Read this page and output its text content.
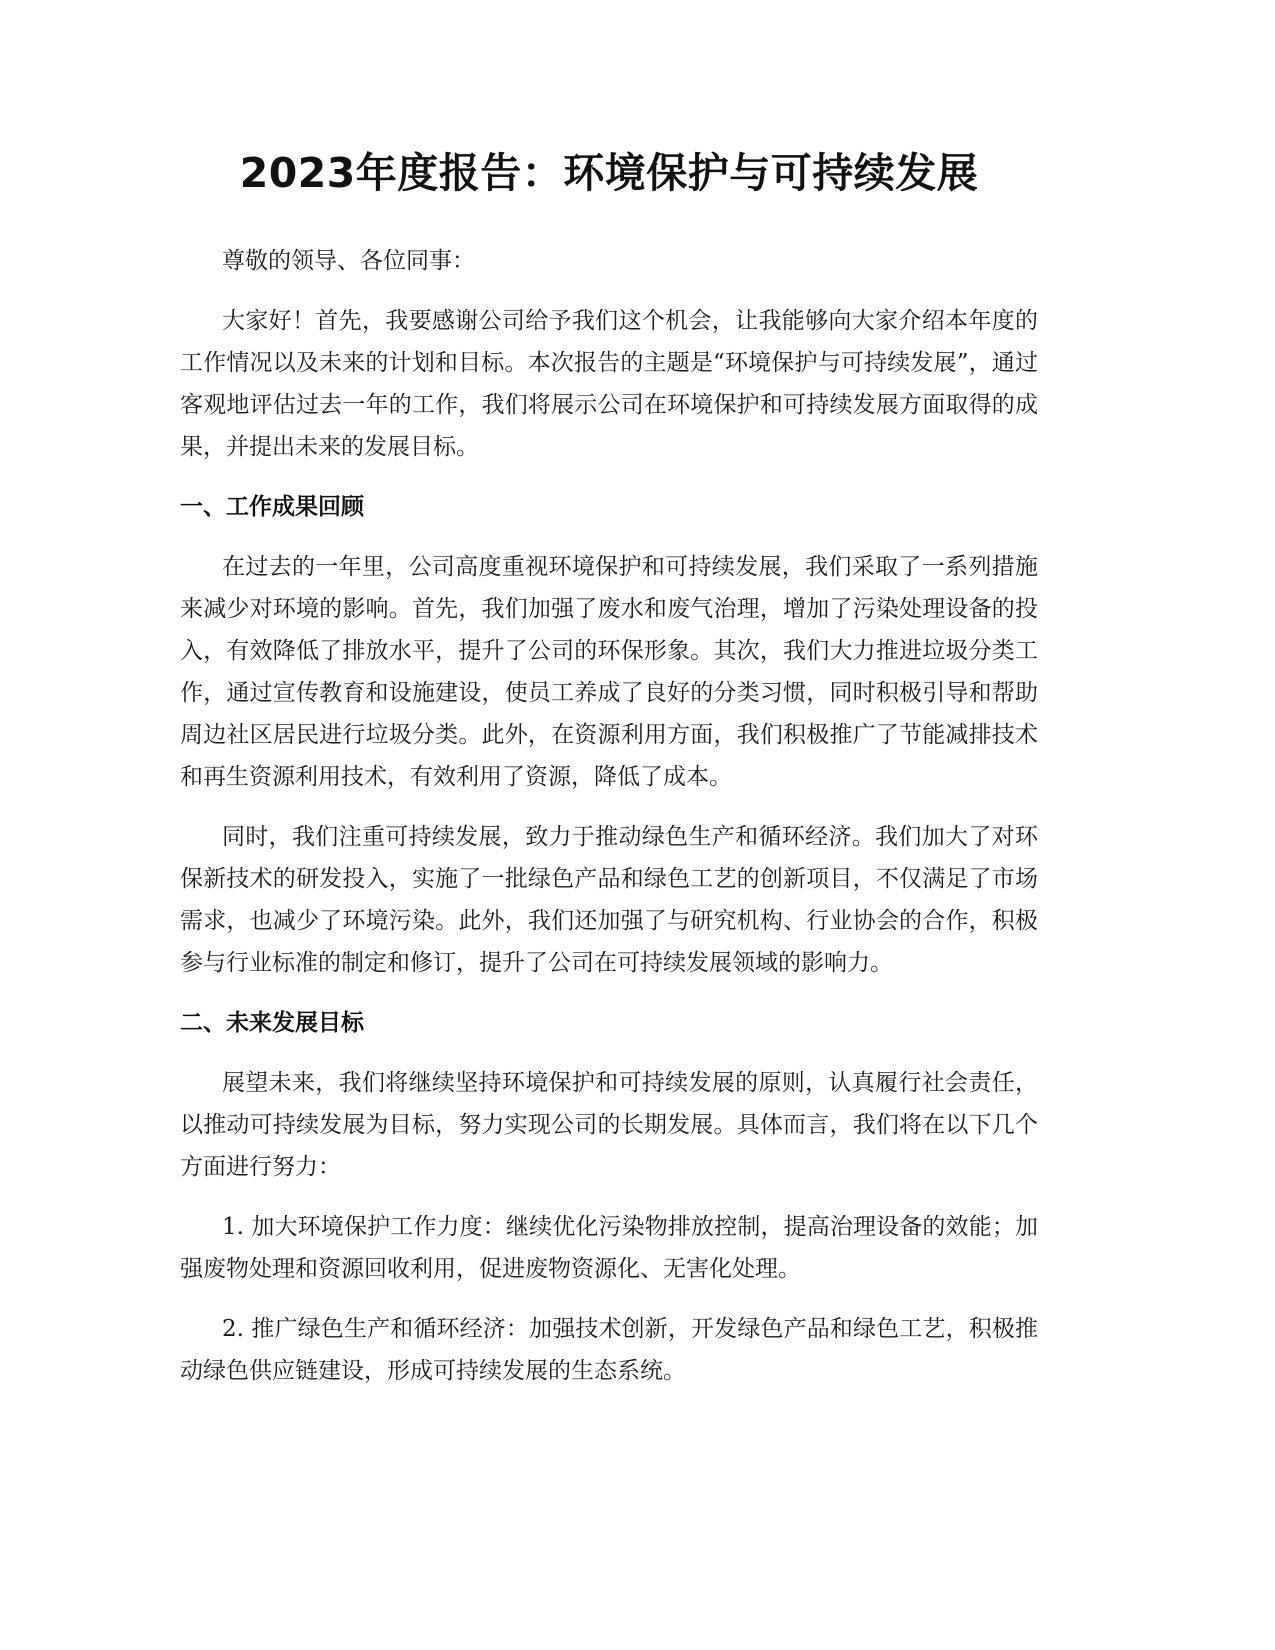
2023年度报告：环境保护与可持续发展

尊敬的领导、各位同事：

大家好！首先，我要感谢公司给予我们这个机会，让我能够向大家介绍本年度的工作情况以及未来的计划和目标。本次报告的主题是“环境保护与可持续发展”，通过客观地评估过去一年的工作，我们将展示公司在环境保护和可持续发展方面取得的成果，并提出未来的发展目标。

一、工作成果回顾

在过去的一年里，公司高度重视环境保护和可持续发展，我们采取了一系列措施来减少对环境的影响。首先，我们加强了废水和废气治理，增加了污染处理设备的投入，有效降低了排放水平，提升了公司的环保形象。其次，我们大力推进垃圾分类工作，通过宣传教育和设施建设，使员工养成了良好的分类习惯，同时积极引导和帮助周边社区居民进行垃圾分类。此外，在资源利用方面，我们积极推广了节能减排技术和再生资源利用技术，有效利用了资源，降低了成本。

同时，我们注重可持续发展，致力于推动绿色生产和循环经济。我们加大了对环保新技术的研发投入，实施了一批绿色产品和绿色工艺的创新项目，不仅满足了市场需求，也减少了环境污染。此外，我们还加强了与研究机构、行业协会的合作，积极参与行业标准的制定和修订，提升了公司在可持续发展领域的影响力。

二、未来发展目标

展望未来，我们将继续坚持环境保护和可持续发展的原则，认真履行社会责任，以推动可持续发展为目标，努力实现公司的长期发展。具体而言，我们将在以下几个方面进行努力：

1. 加大环境保护工作力度：继续优化污染物排放控制，提高治理设备的效能；加强废物处理和资源回收利用，促进废物资源化、无害化处理。

2. 推广绿色生产和循环经济：加强技术创新，开发绿色产品和绿色工艺，积极推动绿色供应链建设，形成可持续发展的生态系统。
